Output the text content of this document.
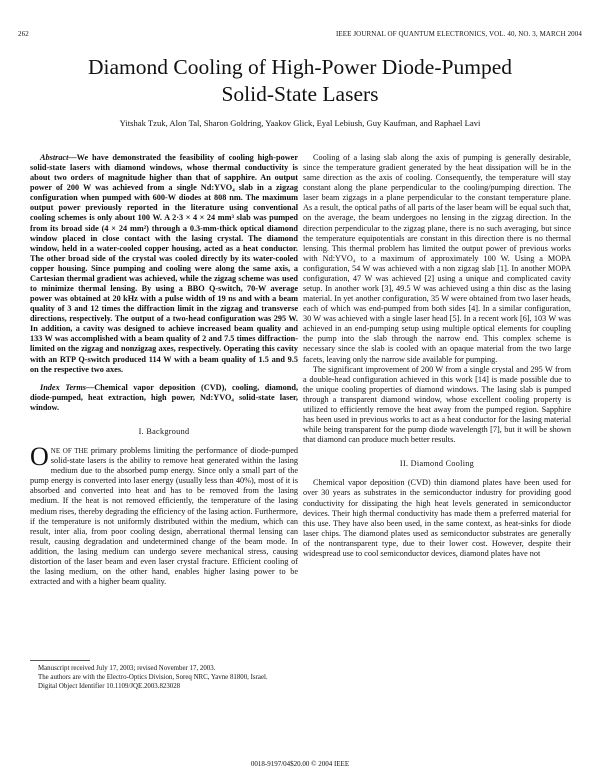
262	IEEE JOURNAL OF QUANTUM ELECTRONICS, VOL. 40, NO. 3, MARCH 2004
Diamond Cooling of High-Power Diode-Pumped
Solid-State Lasers
Yitshak Tzuk, Alon Tal, Sharon Goldring, Yaakov Glick, Eyal Lebiush, Guy Kaufman, and Raphael Lavi

Abstract—We have demonstrated the feasibility of cooling high-power solid-state lasers with diamond windows, whose thermal conductivity is about two orders of magnitude higher than that of sapphire. An output power of 200 W was achieved from a single Nd:YVO₄ slab in a zigzag configuration when pumped with 600-W diodes at 808 nm. The maximum output power previously reported in the literature using conventional cooling schemes is only about 100 W. A 2·3 × 4 × 24 mm³ slab was pumped from its broad side (4 × 24 mm²) through a 0.3-mm-thick optical diamond window placed in close contact with the lasing crystal. The diamond window, held in a water-cooled copper housing, acted as a heat conductor. The other broad side of the crystal was cooled directly by its water-cooled copper housing. Since pumping and cooling were along the same axis, a Cartesian thermal gradient was achieved, while the zigzag scheme was used to minimize thermal lensing. By using a BBO Q-switch, 70-W average power was obtained at 20 kHz with a pulse width of 19 ns and with a beam quality of 3 and 12 times the diffraction limit in the zigzag and transverse directions, respectively. The output of a two-head configuration was 295 W. In addition, a cavity was designed to achieve increased beam quality and 133 W was accomplished with a beam quality of 2 and 7.5 times diffraction-limited on the zigzag and nonzigzag axes, respectively. Operating this cavity with an RTP Q-switch produced 114 W with a beam quality of 1.5 and 9.5 on the respective two axes.

Index Terms—Chemical vapor deposition (CVD), cooling, diamond, diode-pumped, heat extraction, high power, Nd:YVO₄ solid-state laser, window.

I. Background

ONE OF THE primary problems limiting the performance of diode-pumped solid-state lasers is the ability to remove heat generated within the lasing medium due to the absorbed pump energy. Since only a small part of the pump energy is converted into laser energy (usually less than 40%), most of it is absorbed and converted into heat and has to be removed from the lasing medium. If the heat is not removed efficiently, the temperature of the lasing medium rises, thereby degrading the efficiency of the lasing action. Furthermore, if the temperature is not uniformly distributed within the medium, which can result, inter alia, from poor cooling design, aberrational thermal lensing can result, causing degradation and undetermined change of the beam mode. In addition, the lasing medium can undergo severe mechanical stress, causing distortion of the laser beam and even laser crystal fracture. Efficient cooling of the lasing medium, on the other hand, enables higher lasing power to be extracted and with a higher beam quality.

Manuscript received July 17, 2003; revised November 17, 2003.

The authors are with the Electro-Optics Division, Soreq NRC, Yavne 81800, Israel.

Digital Object Identifier 10.1109/JQE.2003.823028

Cooling of a lasing slab along the axis of pumping is generally desirable, since the temperature gradient generated by the heat dissipation will be in the same direction as the axis of cooling. Consequently, the temperature will stay constant along the plane perpendicular to the cooling/pumping direction. The laser beam zigzags in a plane perpendicular to the constant temperature plane. As a result, the optical paths of all parts of the laser beam will be equal such that, on the average, the beam undergoes no lensing in the zigzag direction. In the direction perpendicular to the zigzag plane, there is no such averaging, but since the temperature equipotentials are constant in this direction there is no thermal lensing. This thermal problem has limited the output power of previous works with Nd:YVO₄ to a maximum of approximately 100 W. Using a MOPA configuration, 54 W was achieved with a non zigzag slab [1]. In another MOPA configuration, 47 W was achieved [2] using a unique and complicated cavity setup. In another work [3], 49.5 W was achieved using a thin disc as the lasing material. In yet another configuration, 35 W were obtained from two laser heads, each of which was end-pumped from both sides [4]. In a similar configuration, 30 W was achieved with a single laser head [5]. In a recent work [6], 103 W was achieved in an end-pumping setup using multiple optical elements for coupling the pump into the slab through the narrow end. This complex scheme is necessary since the slab is cooled with an opaque material from the two large facets, leaving only the narrow side available for pumping.

The significant improvement of 200 W from a single crystal and 295 W from a double-head configuration achieved in this work [14] is made possible due to the unique cooling properties of diamond windows. The lasing slab is pumped through a transparent diamond window, whose excellent cooling property is utilized to efficiently remove the heat away from the pumped region. Sapphire has been used in previous works to act as a heat conductor for the lasing material while being transparent for the pump diode wavelength [7], but it will be shown that diamond can produce much better results.

II. Diamond Cooling

Chemical vapor deposition (CVD) thin diamond plates have been used for over 30 years as substrates in the semiconductor industry for providing good conductivity for dissipating the high heat levels generated in semiconductor devices. Their high thermal conductivity has made them a preferred material for this use. They have also been used, in the same context, as heat-sinks for diode laser chips. The diamond plates used as semiconductor substrates are generally of the nontransparent type, due to their lower cost. However, despite their widespread use to cool semiconductor devices, diamond plates have not

0018-9197/04$20.00 © 2004 IEEE
